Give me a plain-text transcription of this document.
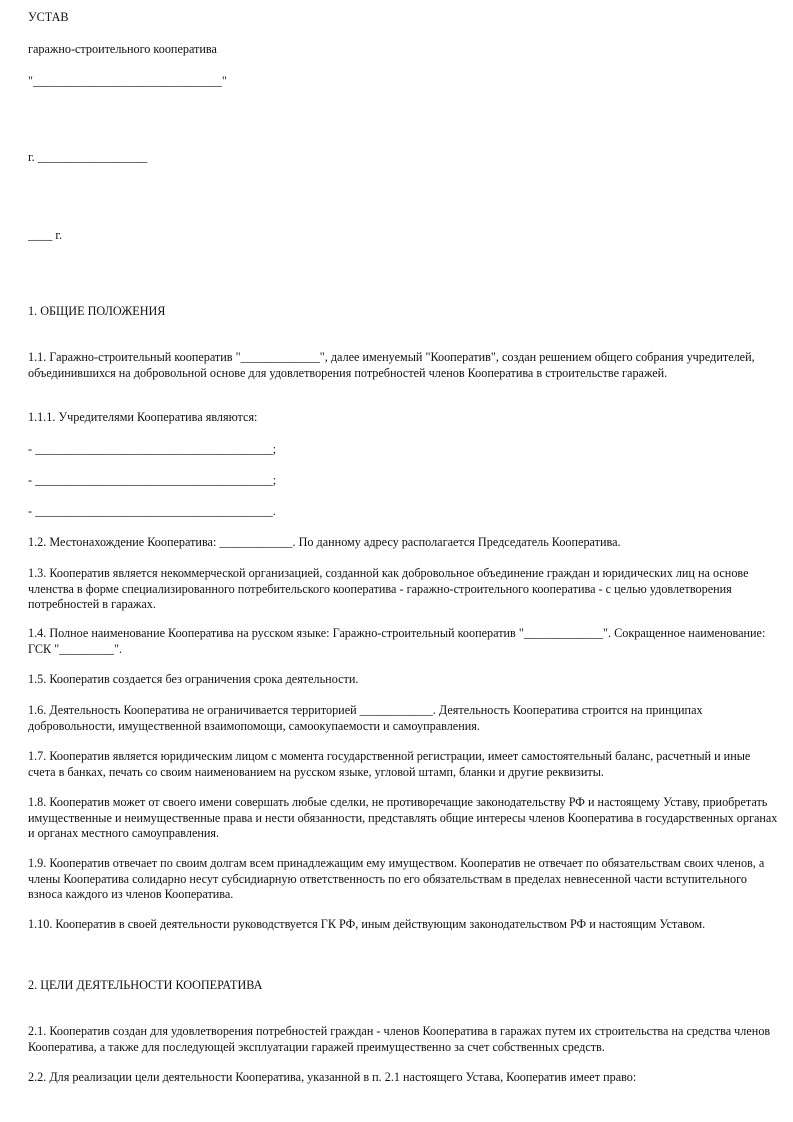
УСТАВ

гаражно-строительного кооператива

"_______________________________"

г. __________________

____ г.

1. ОБЩИЕ ПОЛОЖЕНИЯ

1.1. Гаражно-строительный кооператив "_____________", далее именуемый "Кооператив", создан решением общего собрания учредителей, объединившихся на добровольной основе для удовлетворения потребностей членов Кооператива в строительстве гаражей.

1.1.1. Учредителями Кооператива являются:

- _______________________________________;

- _______________________________________;

- _______________________________________.

1.2. Местонахождение Кооператива: ____________. По данному адресу располагается Председатель Кооператива.

1.3. Кооператив является некоммерческой организацией, созданной как добровольное объединение граждан и юридических лиц на основе членства в форме специализированного потребительского кооператива - гаражно-строительного кооператива - с целью удовлетворения потребностей в гаражах.

1.4. Полное наименование Кооператива на русском языке: Гаражно-строительный кооператив "_____________". Сокращенное наименование: ГСК "_________".

1.5. Кооператив создается без ограничения срока деятельности.

1.6. Деятельность Кооператива не ограничивается территорией ____________. Деятельность Кооператива строится на принципах добровольности, имущественной взаимопомощи, самоокупаемости и самоуправления.

1.7. Кооператив является юридическим лицом с момента государственной регистрации, имеет самостоятельный баланс, расчетный и иные счета в банках, печать со своим наименованием на русском языке, угловой штамп, бланки и другие реквизиты.

1.8. Кооператив может от своего имени совершать любые сделки, не противоречащие законодательству РФ и настоящему Уставу, приобретать имущественные и неимущественные права и нести обязанности, представлять общие интересы членов Кооператива в государственных органах и органах местного самоуправления.

1.9. Кооператив отвечает по своим долгам всем принадлежащим ему имуществом. Кооператив не отвечает по обязательствам своих членов, а члены Кооператива солидарно несут субсидиарную ответственность по его обязательствам в пределах невнесенной части вступительного взноса каждого из членов Кооператива.

1.10. Кооператив в своей деятельности руководствуется ГК РФ, иным действующим законодательством РФ и настоящим Уставом.

2. ЦЕЛИ ДЕЯТЕЛЬНОСТИ КООПЕРАТИВА

2.1. Кооператив создан для удовлетворения потребностей граждан - членов Кооператива в гаражах путем их строительства на средства членов Кооператива, а также для последующей эксплуатации гаражей преимущественно за счет собственных средств.

2.2. Для реализации цели деятельности Кооператива, указанной в п. 2.1 настоящего Устава, Кооператив имеет право:
